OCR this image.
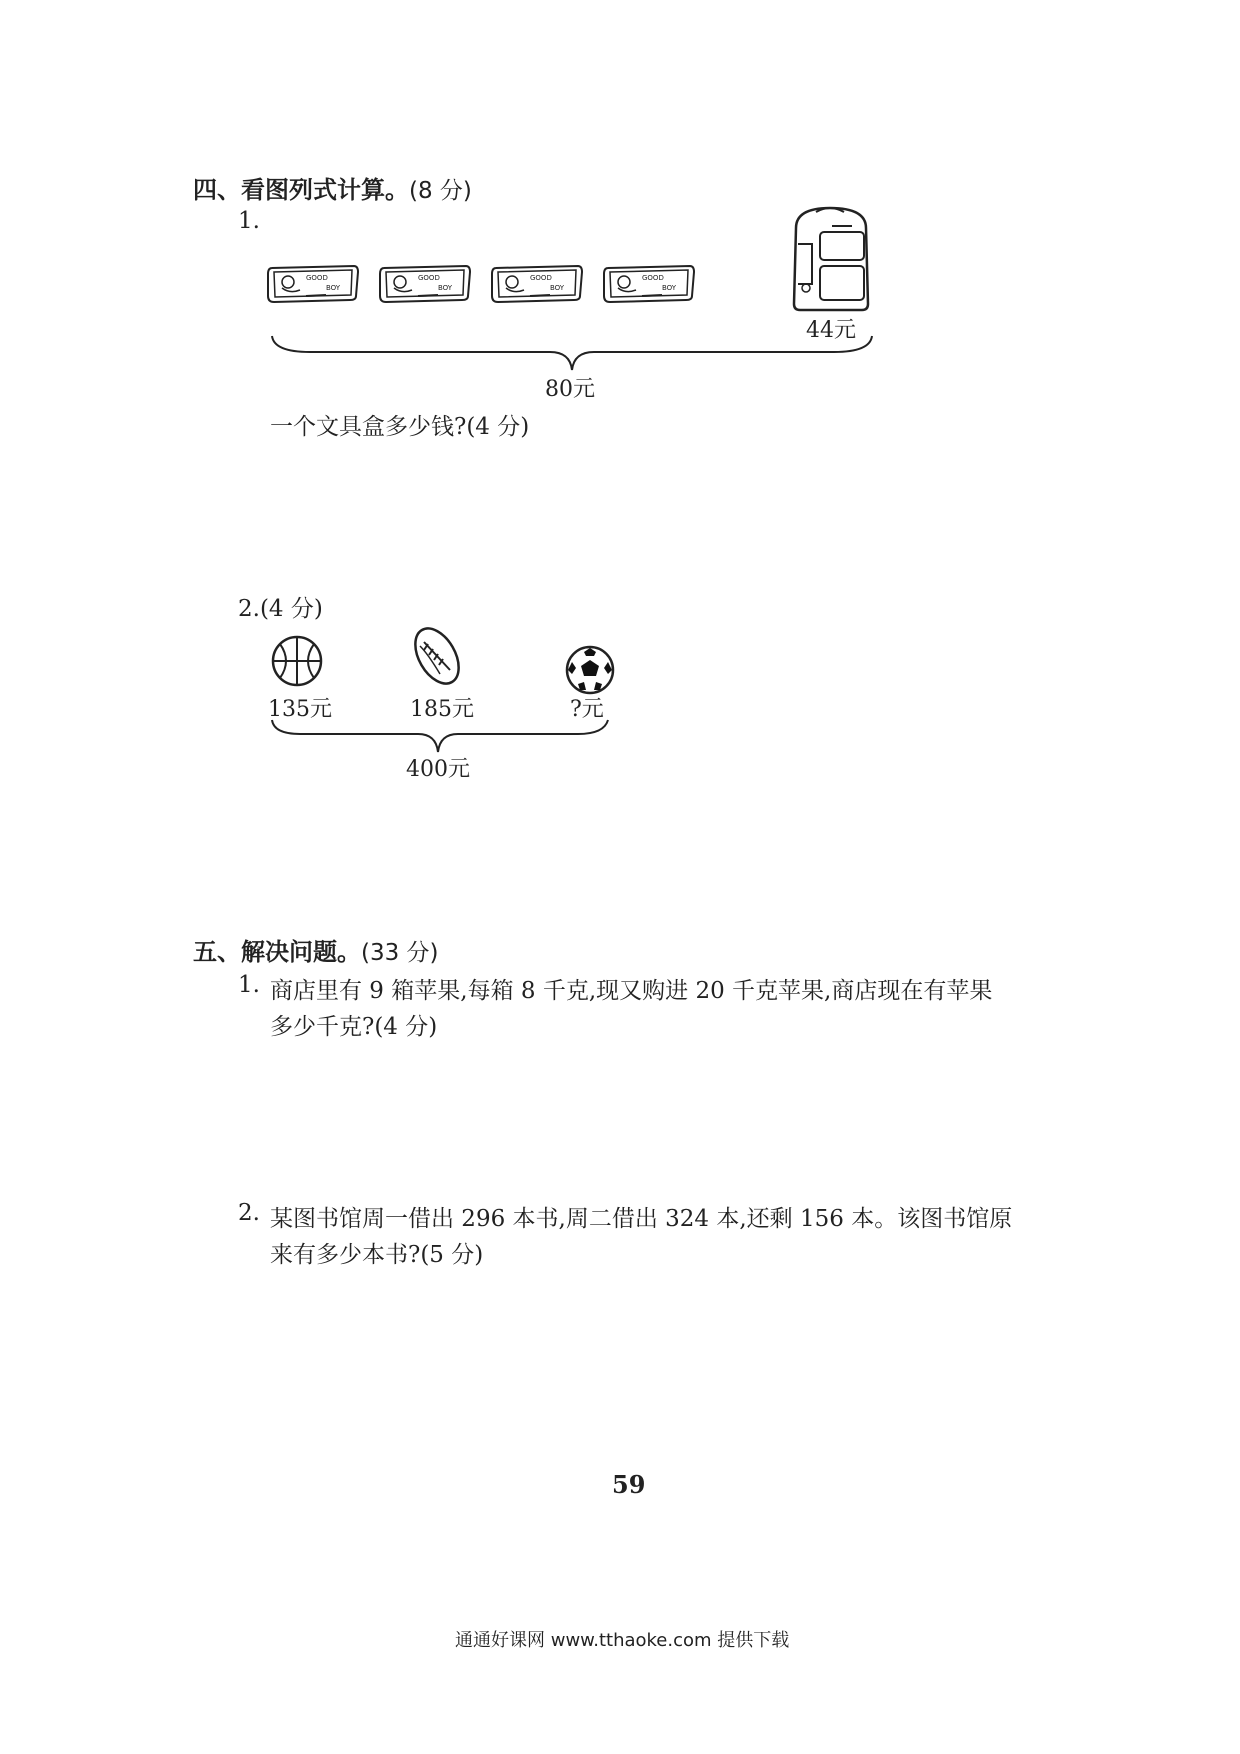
四、看图列式计算。(8 分)
1.
GOOD
BOY
GOOD
BOY
GOOD
BOY
GOOD
BOY
44元
80元
一个文具盒多少钱?(4 分)
2.(4 分)
135元	185元	?元
400元
五、解决问题。(33 分)
1. 商店里有 9 箱苹果,每箱 8 千克,现又购进 20 千克苹果,商店现在有苹果
多少千克?(4 分)
2. 某图书馆周一借出 296 本书,周二借出 324 本,还剩 156 本。该图书馆原
来有多少本书?(5 分)
59
通通好课网 www.tthaoke.com 提供下载
